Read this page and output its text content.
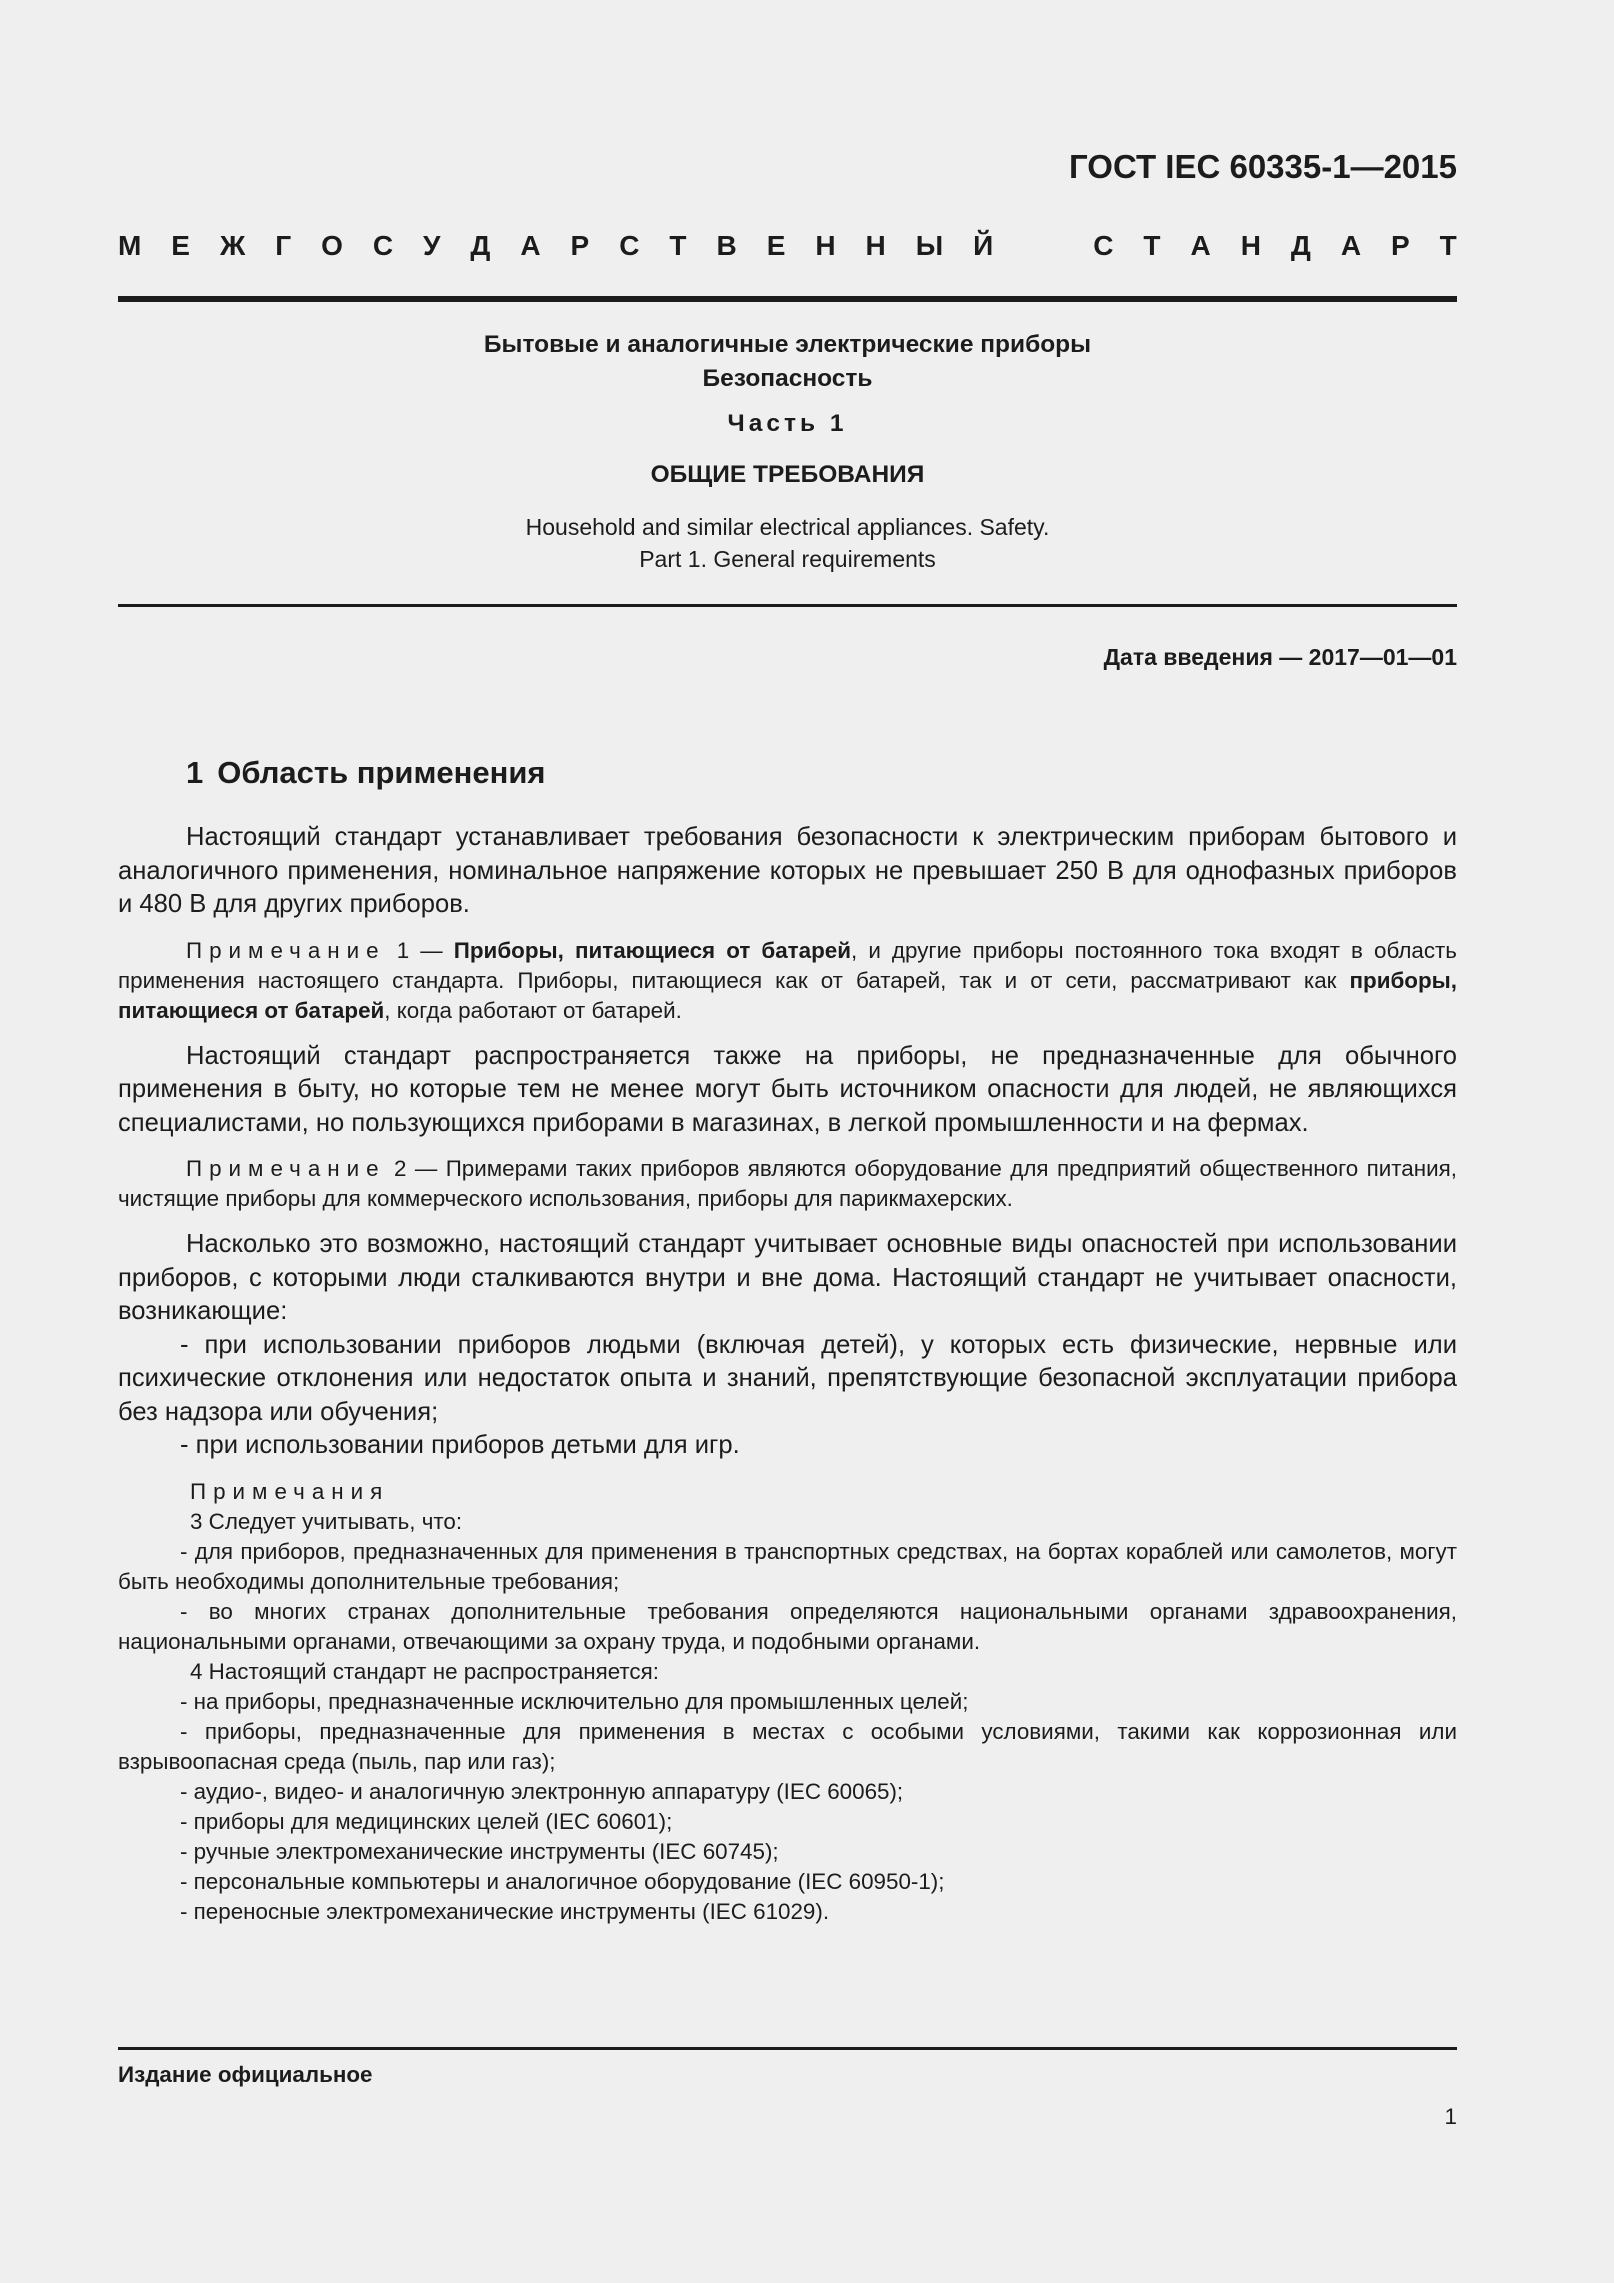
ГОСТ IEC 60335-1—2015
М Е Ж Г О С У Д А Р С Т В Е Н Н Ы Й	С Т А Н Д А Р Т
Бытовые и аналогичные электрические приборы
Безопасность
Часть 1
ОБЩИЕ ТРЕБОВАНИЯ
Household and similar electrical appliances. Safety.
Part 1. General requirements
Дата введения — 2017—01—01
1 Область применения

Настоящий стандарт устанавливает требования безопасности к электрическим приборам бытового и аналогичного применения, номинальное напряжение которых не превышает 250 В для однофазных приборов и 480 В для других приборов.

Примечание 1 — Приборы, питающиеся от батарей, и другие приборы постоянного тока входят в область применения настоящего стандарта. Приборы, питающиеся как от батарей, так и от сети, рассматривают как приборы, питающиеся от батарей, когда работают от батарей.

Настоящий стандарт распространяется также на приборы, не предназначенные для обычного применения в быту, но которые тем не менее могут быть источником опасности для людей, не являющихся специалистами, но пользующихся приборами в магазинах, в легкой промышленности и на фермах.

Примечание 2 — Примерами таких приборов являются оборудование для предприятий общественного питания, чистящие приборы для коммерческого использования, приборы для парикмахерских.

Насколько это возможно, настоящий стандарт учитывает основные виды опасностей при использовании приборов, с которыми люди сталкиваются внутри и вне дома. Настоящий стандарт не учитывает опасности, возникающие:

- при использовании приборов людьми (включая детей), у которых есть физические, нервные или психические отклонения или недостаток опыта и знаний, препятствующие безопасной эксплуатации прибора без надзора или обучения;

- при использовании приборов детьми для игр.

Примечания

3 Следует учитывать, что:

- для приборов, предназначенных для применения в транспортных средствах, на бортах кораблей или самолетов, могут быть необходимы дополнительные требования;

- во многих странах дополнительные требования определяются национальными органами здравоохранения, национальными органами, отвечающими за охрану труда, и подобными органами.

4 Настоящий стандарт не распространяется:

- на приборы, предназначенные исключительно для промышленных целей;

- приборы, предназначенные для применения в местах с особыми условиями, такими как коррозионная или взрывоопасная среда (пыль, пар или газ);

- аудио-, видео- и аналогичную электронную аппаратуру (IEC 60065);

- приборы для медицинских целей (IEC 60601);

- ручные электромеханические инструменты (IEC 60745);

- персональные компьютеры и аналогичное оборудование (IEC 60950-1);

- переносные электромеханические инструменты (IEC 61029).

Издание официальное
1
